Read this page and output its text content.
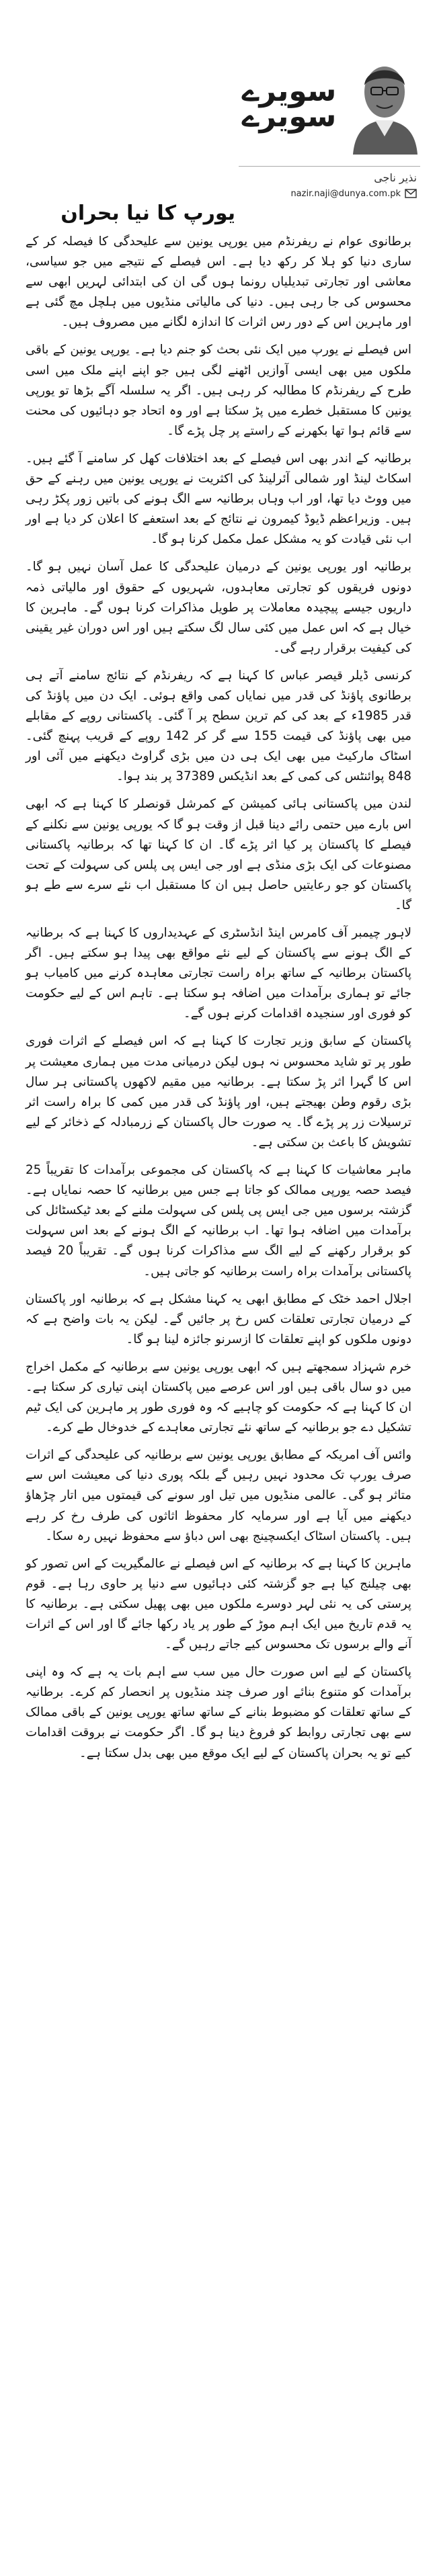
سویرے
سویرے
نذیر ناجی
nazir.naji@dunya.com.pk
یورپ کا نیا بحران

برطانوی عوام نے ریفرنڈم میں یورپی یونین سے علیحدگی کا فیصلہ کر کے ساری دنیا کو ہلا کر رکھ دیا ہے۔ اس فیصلے کے نتیجے میں جو سیاسی، معاشی اور تجارتی تبدیلیاں رونما ہوں گی ان کی ابتدائی لہریں ابھی سے محسوس کی جا رہی ہیں۔ دنیا کی مالیاتی منڈیوں میں ہلچل مچ گئی ہے اور ماہرین اس کے دور رس اثرات کا اندازہ لگانے میں مصروف ہیں۔

اس فیصلے نے یورپ میں ایک نئی بحث کو جنم دیا ہے۔ یورپی یونین کے باقی ملکوں میں بھی ایسی آوازیں اٹھنے لگی ہیں جو اپنے اپنے ملک میں اسی طرح کے ریفرنڈم کا مطالبہ کر رہی ہیں۔ اگر یہ سلسلہ آگے بڑھا تو یورپی یونین کا مستقبل خطرے میں پڑ سکتا ہے اور وہ اتحاد جو دہائیوں کی محنت سے قائم ہوا تھا بکھرنے کے راستے پر چل پڑے گا۔

برطانیہ کے اندر بھی اس فیصلے کے بعد اختلافات کھل کر سامنے آ گئے ہیں۔ اسکاٹ لینڈ اور شمالی آئرلینڈ کی اکثریت نے یورپی یونین میں رہنے کے حق میں ووٹ دیا تھا، اور اب وہاں برطانیہ سے الگ ہونے کی باتیں زور پکڑ رہی ہیں۔ وزیراعظم ڈیوڈ کیمرون نے نتائج کے بعد استعفے کا اعلان کر دیا ہے اور اب نئی قیادت کو یہ مشکل عمل مکمل کرنا ہو گا۔

برطانیہ اور یورپی یونین کے درمیان علیحدگی کا عمل آسان نہیں ہو گا۔ دونوں فریقوں کو تجارتی معاہدوں، شہریوں کے حقوق اور مالیاتی ذمہ داریوں جیسے پیچیدہ معاملات پر طویل مذاکرات کرنا ہوں گے۔ ماہرین کا خیال ہے کہ اس عمل میں کئی سال لگ سکتے ہیں اور اس دوران غیر یقینی کی کیفیت برقرار رہے گی۔

کرنسی ڈیلر قیصر عباس کا کہنا ہے کہ ریفرنڈم کے نتائج سامنے آتے ہی برطانوی پاؤنڈ کی قدر میں نمایاں کمی واقع ہوئی۔ ایک دن میں پاؤنڈ کی قدر 1985ء کے بعد کی کم ترین سطح پر آ گئی۔ پاکستانی روپے کے مقابلے میں بھی پاؤنڈ کی قیمت 155 سے گر کر 142 روپے کے قریب پہنچ گئی۔ اسٹاک مارکیٹ میں بھی ایک ہی دن میں بڑی گراوٹ دیکھنے میں آئی اور 848 پوائنٹس کی کمی کے بعد انڈیکس 37389 پر بند ہوا۔

لندن میں پاکستانی ہائی کمیشن کے کمرشل قونصلر کا کہنا ہے کہ ابھی اس بارے میں حتمی رائے دینا قبل از وقت ہو گا کہ یورپی یونین سے نکلنے کے فیصلے کا پاکستان پر کیا اثر پڑے گا۔ ان کا کہنا تھا کہ برطانیہ پاکستانی مصنوعات کی ایک بڑی منڈی ہے اور جی ایس پی پلس کی سہولت کے تحت پاکستان کو جو رعایتیں حاصل ہیں ان کا مستقبل اب نئے سرے سے طے ہو گا۔

لاہور چیمبر آف کامرس اینڈ انڈسٹری کے عہدیداروں کا کہنا ہے کہ برطانیہ کے الگ ہونے سے پاکستان کے لیے نئے مواقع بھی پیدا ہو سکتے ہیں۔ اگر پاکستان برطانیہ کے ساتھ براہ راست تجارتی معاہدہ کرنے میں کامیاب ہو جائے تو ہماری برآمدات میں اضافہ ہو سکتا ہے۔ تاہم اس کے لیے حکومت کو فوری اور سنجیدہ اقدامات کرنے ہوں گے۔

پاکستان کے سابق وزیر تجارت کا کہنا ہے کہ اس فیصلے کے اثرات فوری طور پر تو شاید محسوس نہ ہوں لیکن درمیانی مدت میں ہماری معیشت پر اس کا گہرا اثر پڑ سکتا ہے۔ برطانیہ میں مقیم لاکھوں پاکستانی ہر سال بڑی رقوم وطن بھیجتے ہیں، اور پاؤنڈ کی قدر میں کمی کا براہ راست اثر ترسیلات زر پر پڑے گا۔ یہ صورت حال پاکستان کے زرمبادلہ کے ذخائر کے لیے تشویش کا باعث بن سکتی ہے۔

ماہر معاشیات کا کہنا ہے کہ پاکستان کی مجموعی برآمدات کا تقریباً 25 فیصد حصہ یورپی ممالک کو جاتا ہے جس میں برطانیہ کا حصہ نمایاں ہے۔ گزشتہ برسوں میں جی ایس پی پلس کی سہولت ملنے کے بعد ٹیکسٹائل کی برآمدات میں اضافہ ہوا تھا۔ اب برطانیہ کے الگ ہونے کے بعد اس سہولت کو برقرار رکھنے کے لیے الگ سے مذاکرات کرنا ہوں گے۔ تقریباً 20 فیصد پاکستانی برآمدات براہ راست برطانیہ کو جاتی ہیں۔

اجلال احمد خٹک کے مطابق ابھی یہ کہنا مشکل ہے کہ برطانیہ اور پاکستان کے درمیان تجارتی تعلقات کس رخ پر جائیں گے۔ لیکن یہ بات واضح ہے کہ دونوں ملکوں کو اپنے تعلقات کا ازسرنو جائزہ لینا ہو گا۔

خرم شہزاد سمجھتے ہیں کہ ابھی یورپی یونین سے برطانیہ کے مکمل اخراج میں دو سال باقی ہیں اور اس عرصے میں پاکستان اپنی تیاری کر سکتا ہے۔ ان کا کہنا ہے کہ حکومت کو چاہیے کہ وہ فوری طور پر ماہرین کی ایک ٹیم تشکیل دے جو برطانیہ کے ساتھ نئے تجارتی معاہدے کے خدوخال طے کرے۔

وائس آف امریکہ کے مطابق یورپی یونین سے برطانیہ کی علیحدگی کے اثرات صرف یورپ تک محدود نہیں رہیں گے بلکہ پوری دنیا کی معیشت اس سے متاثر ہو گی۔ عالمی منڈیوں میں تیل اور سونے کی قیمتوں میں اتار چڑھاؤ دیکھنے میں آیا ہے اور سرمایہ کار محفوظ اثاثوں کی طرف رخ کر رہے ہیں۔ پاکستان اسٹاک ایکسچینج بھی اس دباؤ سے محفوظ نہیں رہ سکا۔

ماہرین کا کہنا ہے کہ برطانیہ کے اس فیصلے نے عالمگیریت کے اس تصور کو بھی چیلنج کیا ہے جو گزشتہ کئی دہائیوں سے دنیا پر حاوی رہا ہے۔ قوم پرستی کی یہ نئی لہر دوسرے ملکوں میں بھی پھیل سکتی ہے۔ برطانیہ کا یہ قدم تاریخ میں ایک اہم موڑ کے طور پر یاد رکھا جائے گا اور اس کے اثرات آنے والے برسوں تک محسوس کیے جاتے رہیں گے۔

پاکستان کے لیے اس صورت حال میں سب سے اہم بات یہ ہے کہ وہ اپنی برآمدات کو متنوع بنائے اور صرف چند منڈیوں پر انحصار کم کرے۔ برطانیہ کے ساتھ تعلقات کو مضبوط بنانے کے ساتھ ساتھ یورپی یونین کے باقی ممالک سے بھی تجارتی روابط کو فروغ دینا ہو گا۔ اگر حکومت نے بروقت اقدامات کیے تو یہ بحران پاکستان کے لیے ایک موقع میں بھی بدل سکتا ہے۔
